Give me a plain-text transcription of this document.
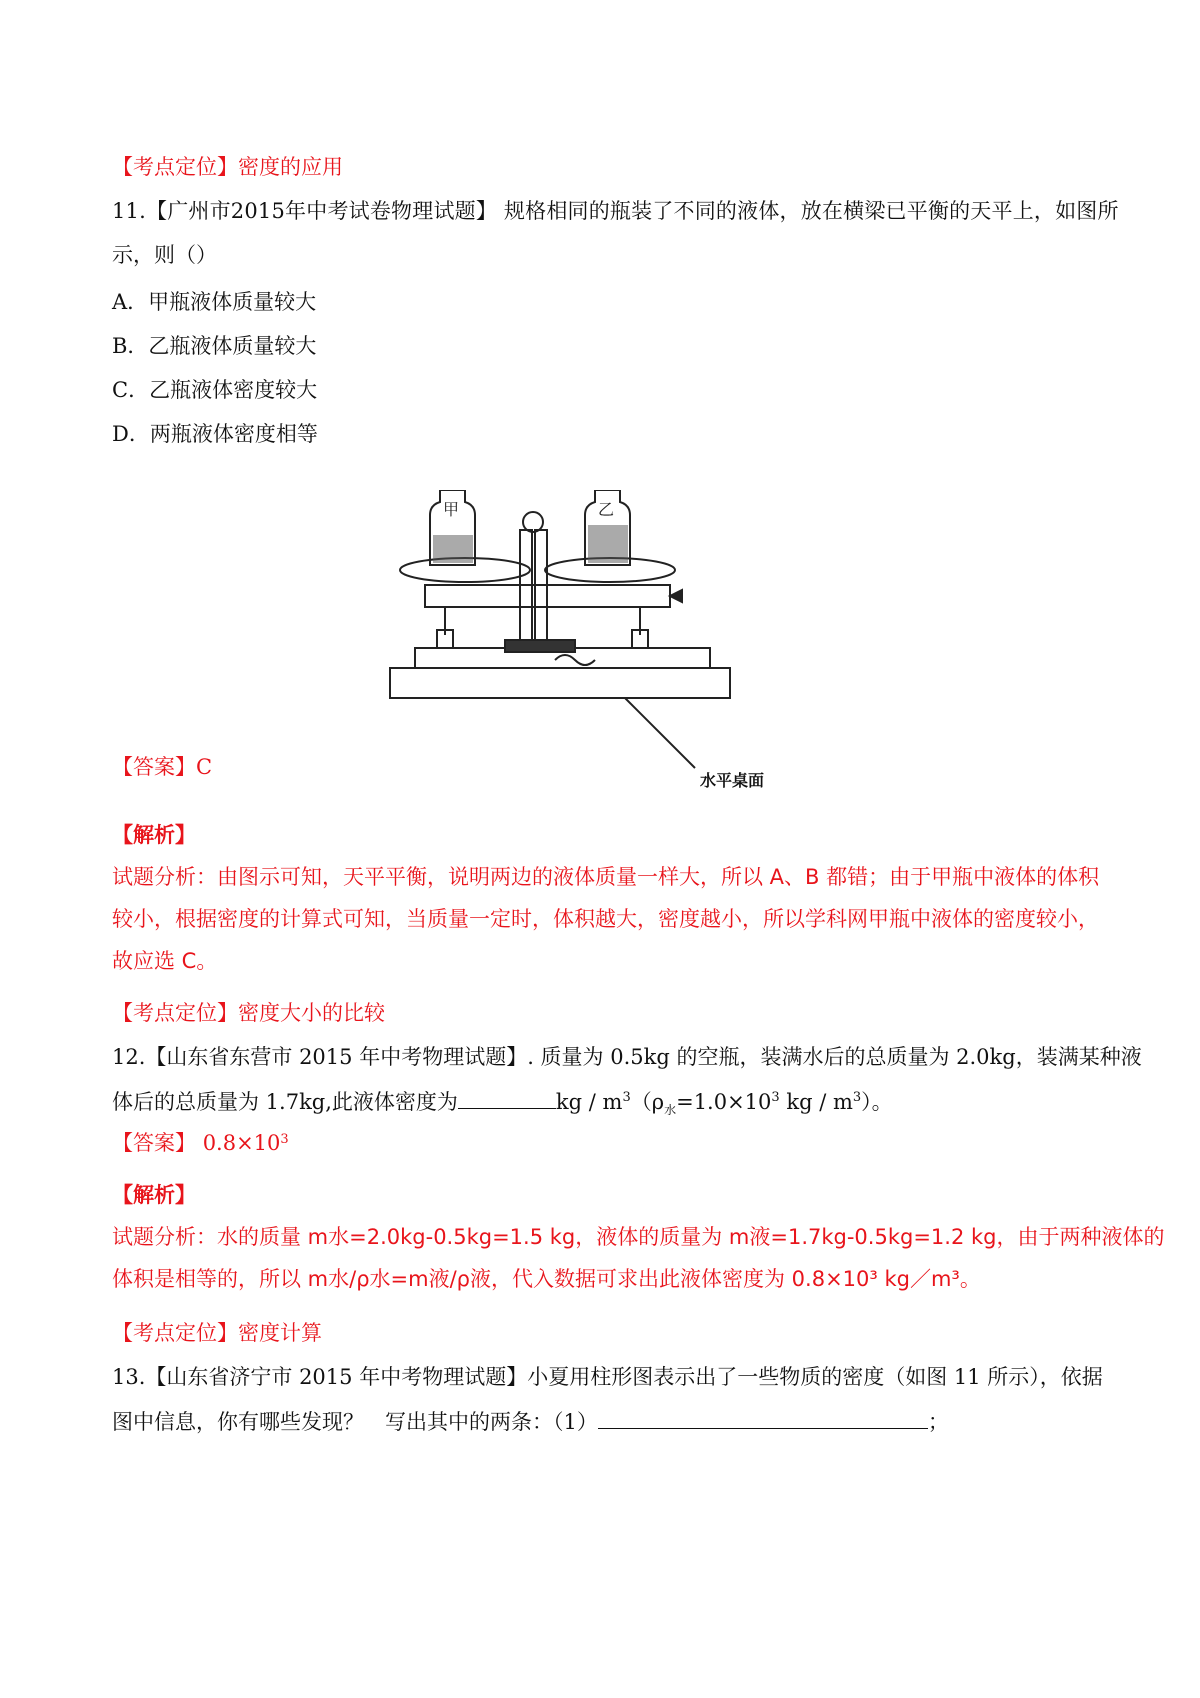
【考点定位】密度的应用
11.【广州市2015年中考试卷物理试题】 规格相同的瓶装了不同的液体，放在横梁已平衡的天平上，如图所
示，则（）
A．甲瓶液体质量较大
B．乙瓶液体质量较大
C．乙瓶液体密度较大
D．两瓶液体密度相等
甲	乙
水平桌面
【答案】C
【解析】
试题分析：由图示可知，天平平衡，说明两边的液体质量一样大，所以 A、B 都错；由于甲瓶中液体的体积
较小，根据密度的计算式可知，当质量一定时，体积越大，密度越小，所以学科网甲瓶中液体的密度较小，
故应选 C。
【考点定位】密度大小的比较
12.【山东省东营市 2015 年中考物理试题】. 质量为 0.5kg 的空瓶，装满水后的总质量为 2.0kg，装满某种液
体后的总质量为 1.7kg,此液体密度为	kg / $m^3(\rho_水=1.0\times 10^3$ kg / $m^3$）。
【答案】 $0.8\times 10^3$
【解析】
试题分析：水的质量 m水=2.0kg-0.5kg=1.5 kg，液体的质量为 m液=1.7kg-0.5kg=1.2 kg，由于两种液体的
体积是相等的，所以 m水/ρ水=m液/ρ液，代入数据可求出此液体密度为 0.8×10³ kg／m³。
【考点定位】密度计算
13.【山东省济宁市 2015 年中考物理试题】小夏用柱形图表示出了一些物质的密度（如图 11 所示），依据
图中信息，你有哪些发现？　写出其中的两条：（1）	；
